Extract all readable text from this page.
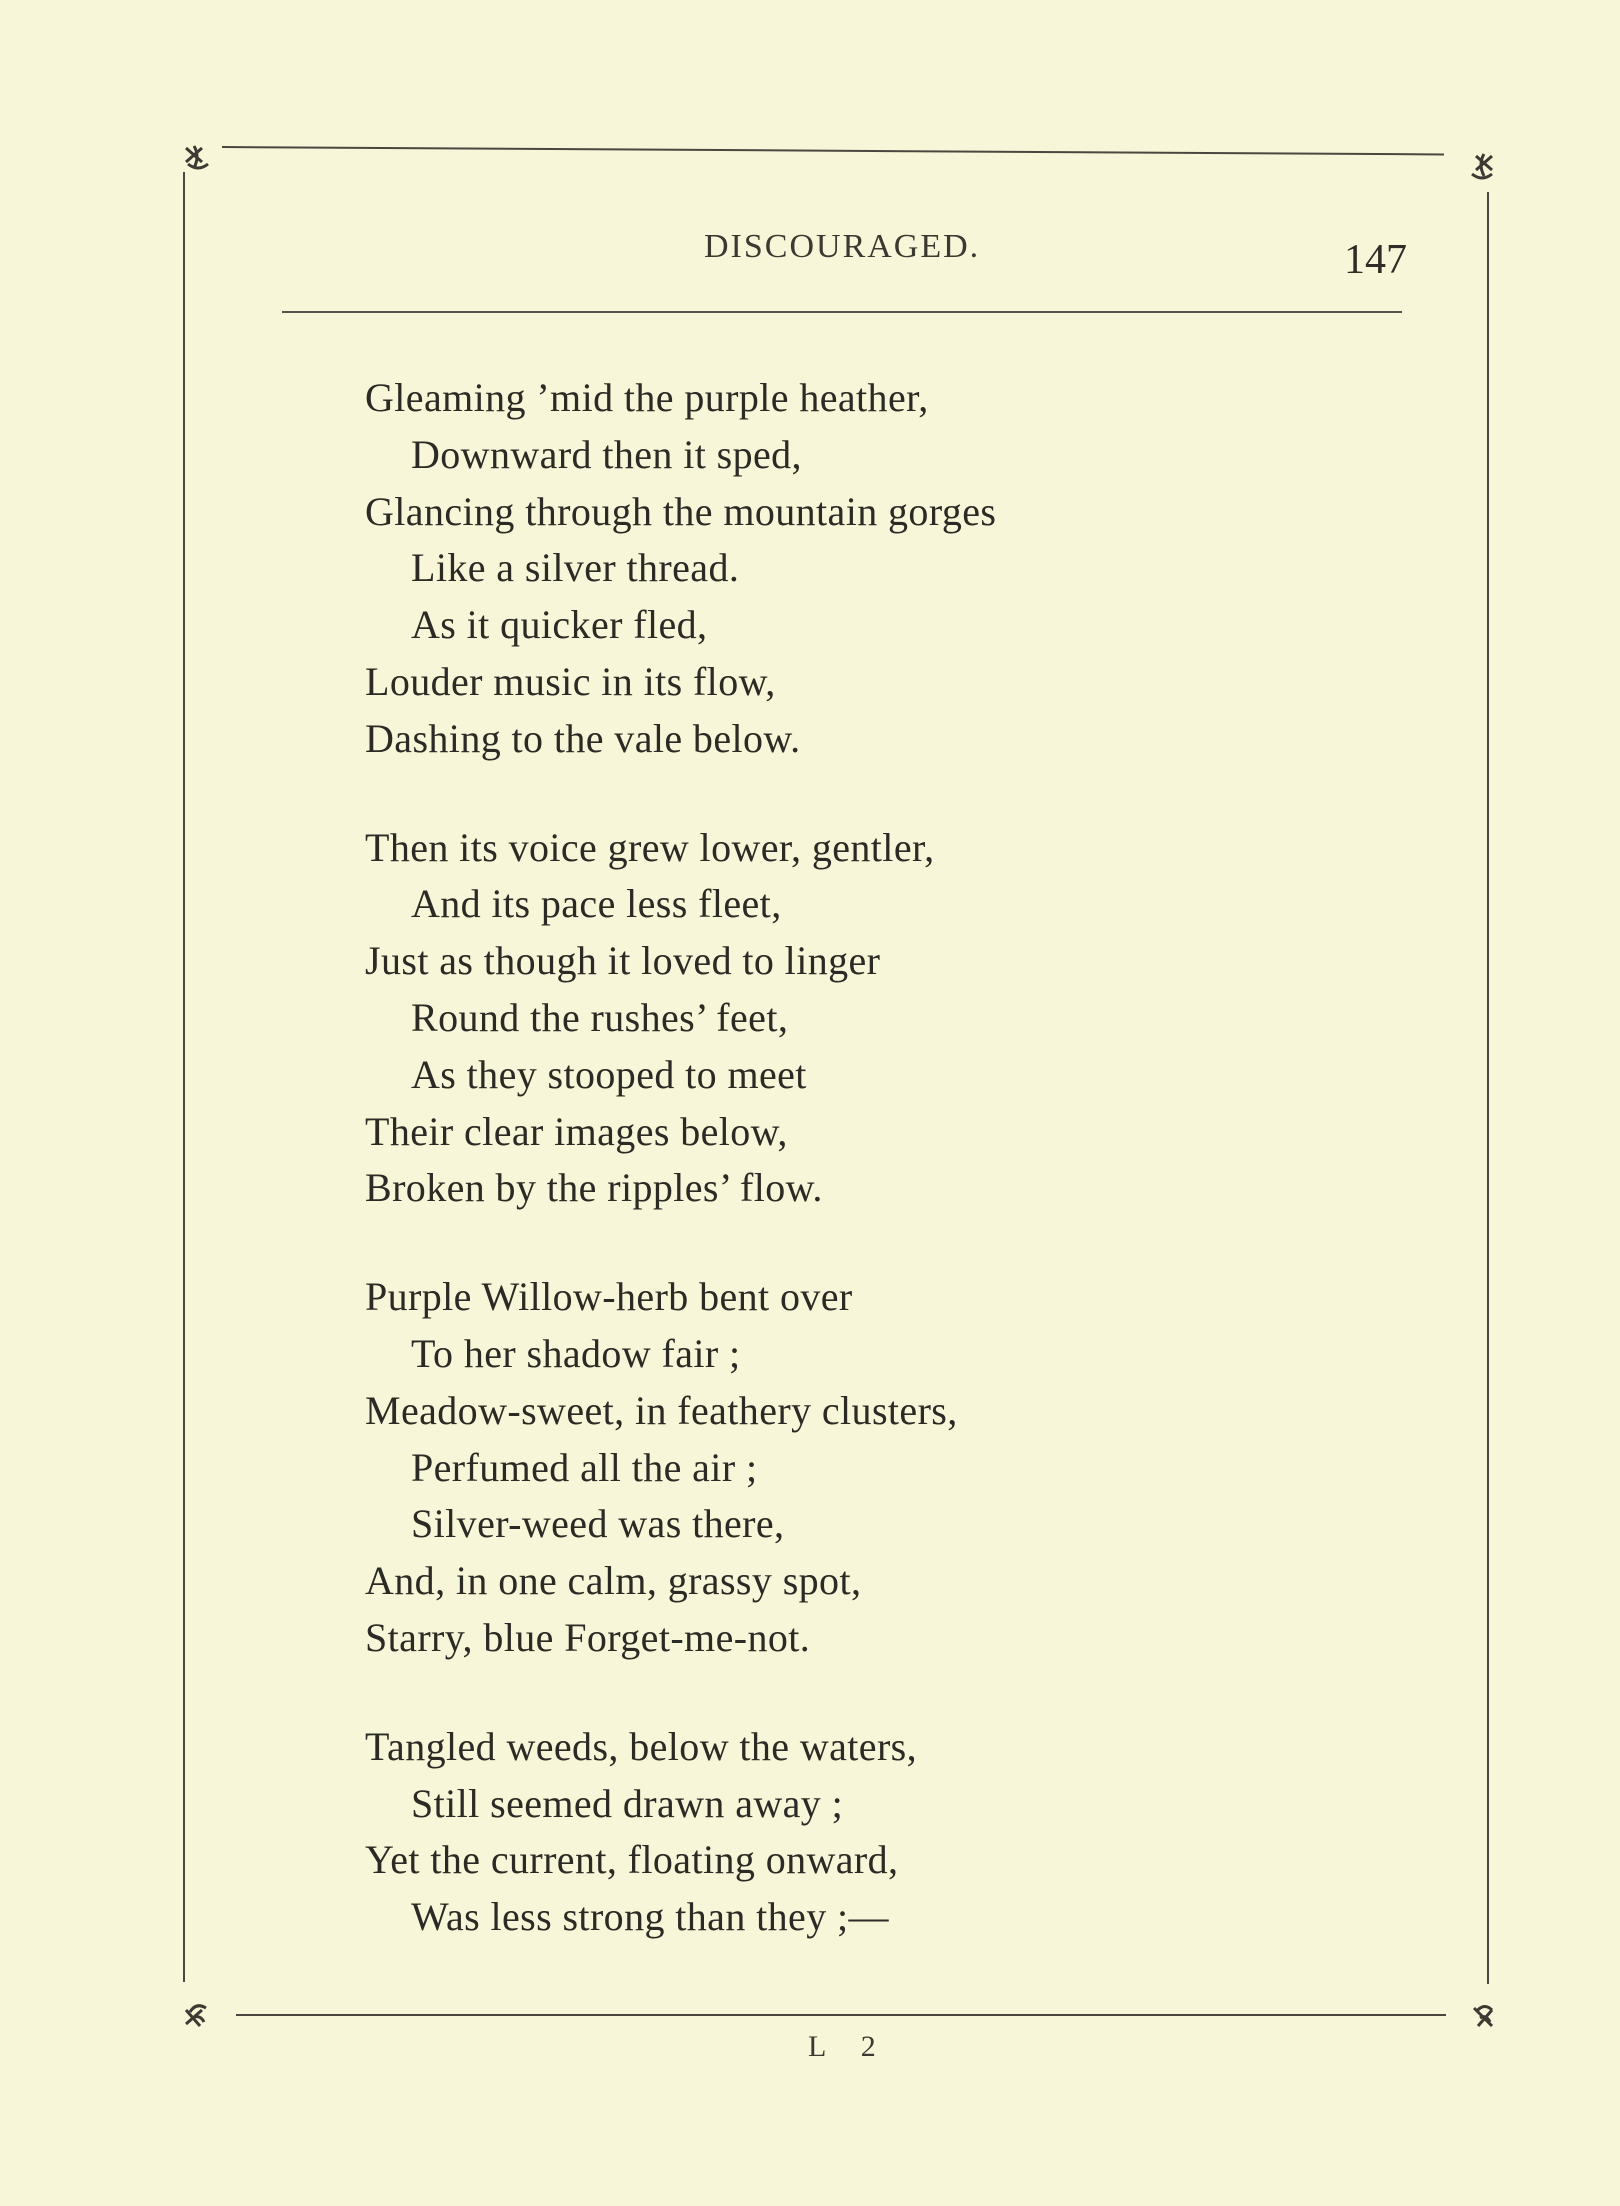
DISCOURAGED.	147
Gleaming ’mid the purple heather,
Downward then it sped,
Glancing through the mountain gorges
Like a silver thread.
As it quicker fled,
Louder music in its flow,
Dashing to the vale below.
Then its voice grew lower, gentler,
And its pace less fleet,
Just as though it loved to linger
Round the rushes’ feet,
As they stooped to meet
Their clear images below,
Broken by the ripples’ flow.
Purple Willow-herb bent over
To her shadow fair ;
Meadow-sweet, in feathery clusters,
Perfumed all the air ;
Silver-weed was there,
And, in one calm, grassy spot,
Starry, blue Forget-me-not.
Tangled weeds, below the waters,
Still seemed drawn away ;
Yet the current, floating onward,
Was less strong than they ;—
L 2
